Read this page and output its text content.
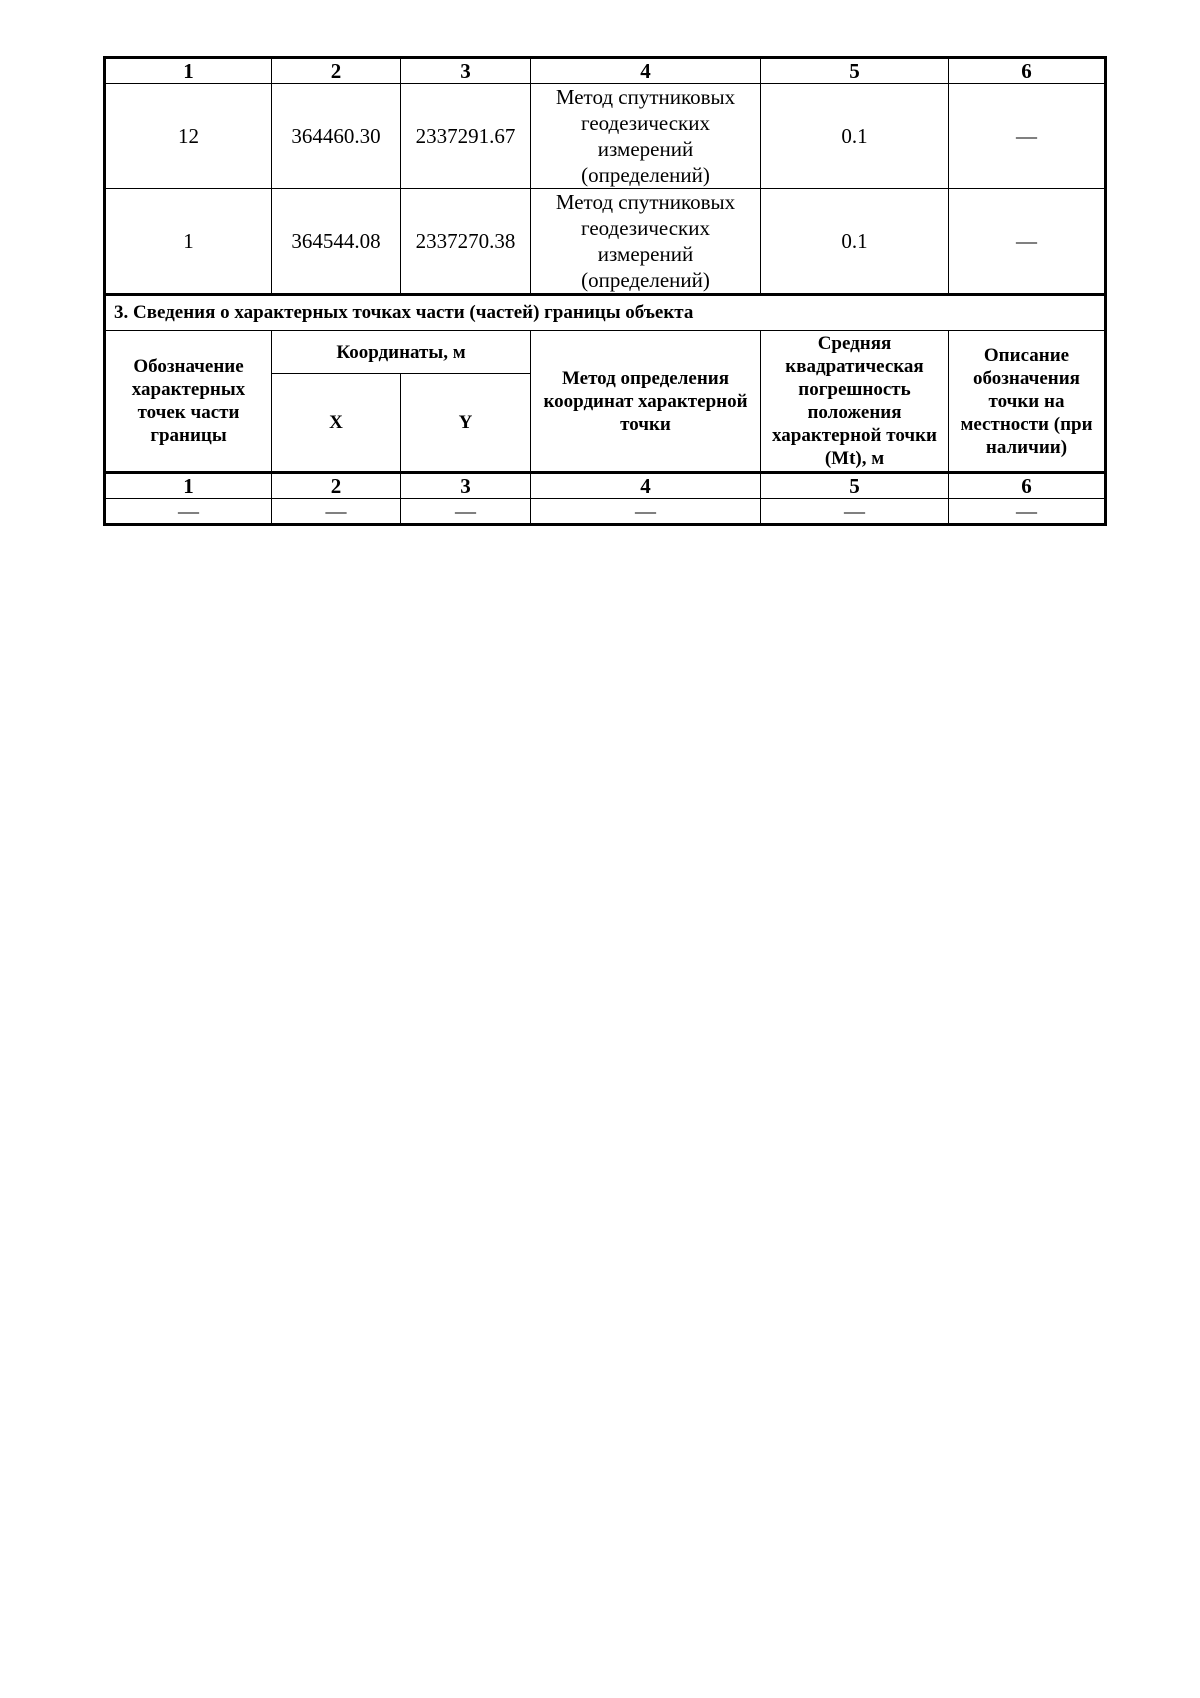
1	2	3	4	5	6
12	364460.30	2337291.67	Метод спутниковых геодезических измерений (определений)	0.1	—
1	364544.08	2337270.38	Метод спутниковых геодезических измерений (определений)	0.1	—
3. Сведения о характерных точках части (частей) границы объекта					
Обозначение характерных точек части границы	Координаты, м		Метод определения координат характерной точки	Средняя квадратическая погрешность положения характерной точки (Mt), м	Описание обозначения точки на местности (при наличии)
	X	Y			
1	2	3	4	5	6
—	—	—	—	—	—
